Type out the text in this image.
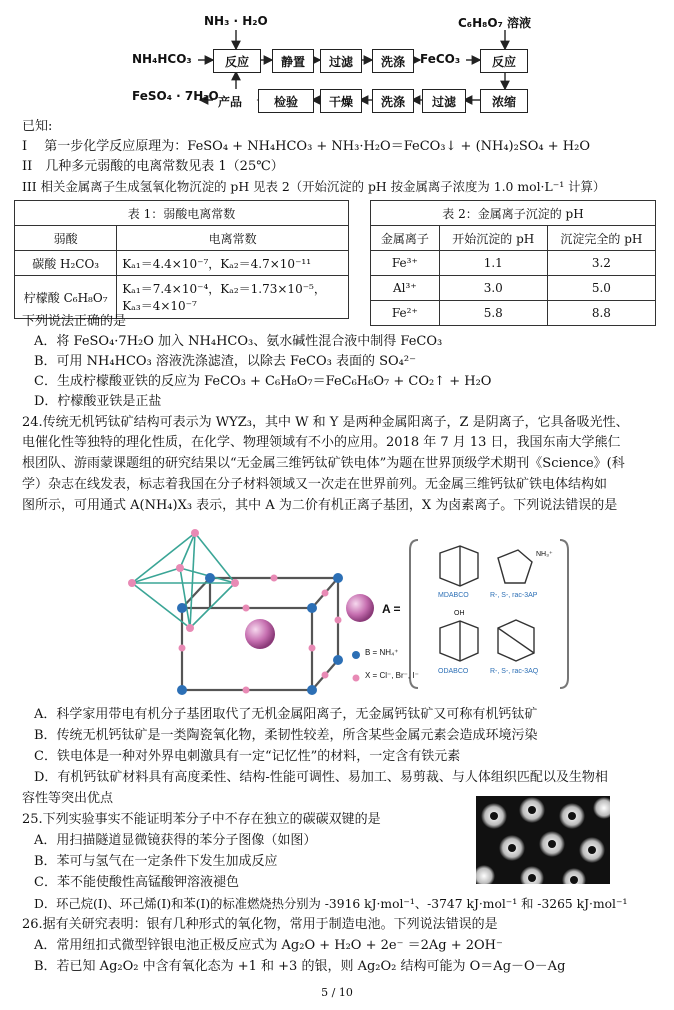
NH₃ · H₂O	C₆H₈O₇ 溶液
NH₄HCO₃	FeCO₃
FeSO₄ · 7H₂O 产品
反应	静置	过滤	洗涤	反应
浓缩
过滤
洗涤
干燥
检验
已知:
I　 第一步化学反应原理为：FeSO₄ + NH₄HCO₃ + NH₃·H₂O＝FeCO₃↓ + (NH₄)₂SO₄ + H₂O
II　几种多元弱酸的电离常数见表 1（25℃）
III 相关金属离子生成氢氧化物沉淀的 pH 见表 2（开始沉淀的 pH 按金属离子浓度为 1.0 mol·L⁻¹ 计算）
表 1：弱酸电离常数	
弱酸	电离常数
碳酸 H₂CO₃	Kₐ₁＝4.4×10⁻⁷，Kₐ₂＝4.7×10⁻¹¹
柠檬酸 C₆H₈O₇	Kₐ₁＝7.4×10⁻⁴，Kₐ₂＝1.73×10⁻⁵，
Kₐ₃＝4×10⁻⁷
表 2：金属离子沉淀的 pH		
金属离子	开始沉淀的 pH	沉淀完全的 pH
Fe³⁺	1.1	3.2
Al³⁺	3.0	5.0
Fe²⁺	5.8	8.8
下列说法正确的是
A．将 FeSO₄·7H₂O 加入 NH₄HCO₃、氨水碱性混合液中制得 FeCO₃
B．可用 NH₄HCO₃ 溶液洗涤滤渣，以除去 FeCO₃ 表面的 SO₄²⁻
C．生成柠檬酸亚铁的反应为 FeCO₃ + C₆H₈O₇＝FeC₆H₆O₇ + CO₂↑ + H₂O
D．柠檬酸亚铁是正盐
24.传统无机钙钛矿结构可表示为 WYZ₃，其中 W 和 Y 是两种金属阳离子，Z 是阴离子，它具备吸光性、
电催化性等独特的理化性质，在化学、物理领域有不小的应用。2018 年 7 月 13 日，我国东南大学熊仁
根团队、游雨蒙课题组的研究结果以“无金属三维钙钛矿铁电体”为题在世界顶级学术期刊《Science》(科
学）杂志在线发表，标志着我国在分子材料领域又一次走在世界前列。无金属三维钙钛矿铁电体结构如
图所示，可用通式 A(NH₄)X₃ 表示，其中 A 为二价有机正离子基团，X 为卤素离子。下列说法错误的是
A =
B = NH₄⁺
X = Cl⁻, Br⁻, I⁻
NH₃⁺
OH
MDABCO	R-, S-, rac-3AP
ODABCO	R-, S-, rac-3AQ
A．科学家用带电有机分子基团取代了无机金属阳离子，无金属钙钛矿又可称有机钙钛矿
B．传统无机钙钛矿是一类陶瓷氧化物，柔韧性较差，所含某些金属元素会造成环境污染
C．铁电体是一种对外界电刺激具有一定“记忆性”的材料，一定含有铁元素
D．有机钙钛矿材料具有高度柔性、结构-性能可调性、易加工、易剪裁、与人体组织匹配以及生物相
容性等突出优点
25.下列实验事实不能证明苯分子中不存在独立的碳碳双键的是
A．用扫描隧道显微镜获得的苯分子图像（如图）
B．苯可与氢气在一定条件下发生加成反应
C．苯不能使酸性高锰酸钾溶液褪色
D．环己烷(I)、环己烯(I)和苯(I)的标准燃烧热分别为 -3916 kJ·mol⁻¹、-3747 kJ·mol⁻¹ 和 -3265 kJ·mol⁻¹
26.据有关研究表明：银有几种形式的氧化物，常用于制造电池。下列说法错误的是
A．常用纽扣式微型锌银电池正极反应式为 Ag₂O + H₂O + 2e⁻ ＝2Ag + 2OH⁻
B．若已知 Ag₂O₂ 中含有氧化态为 +1 和 +3 的银，则 Ag₂O₂ 结构可能为 O＝Ag－O－Ag
5 / 10
